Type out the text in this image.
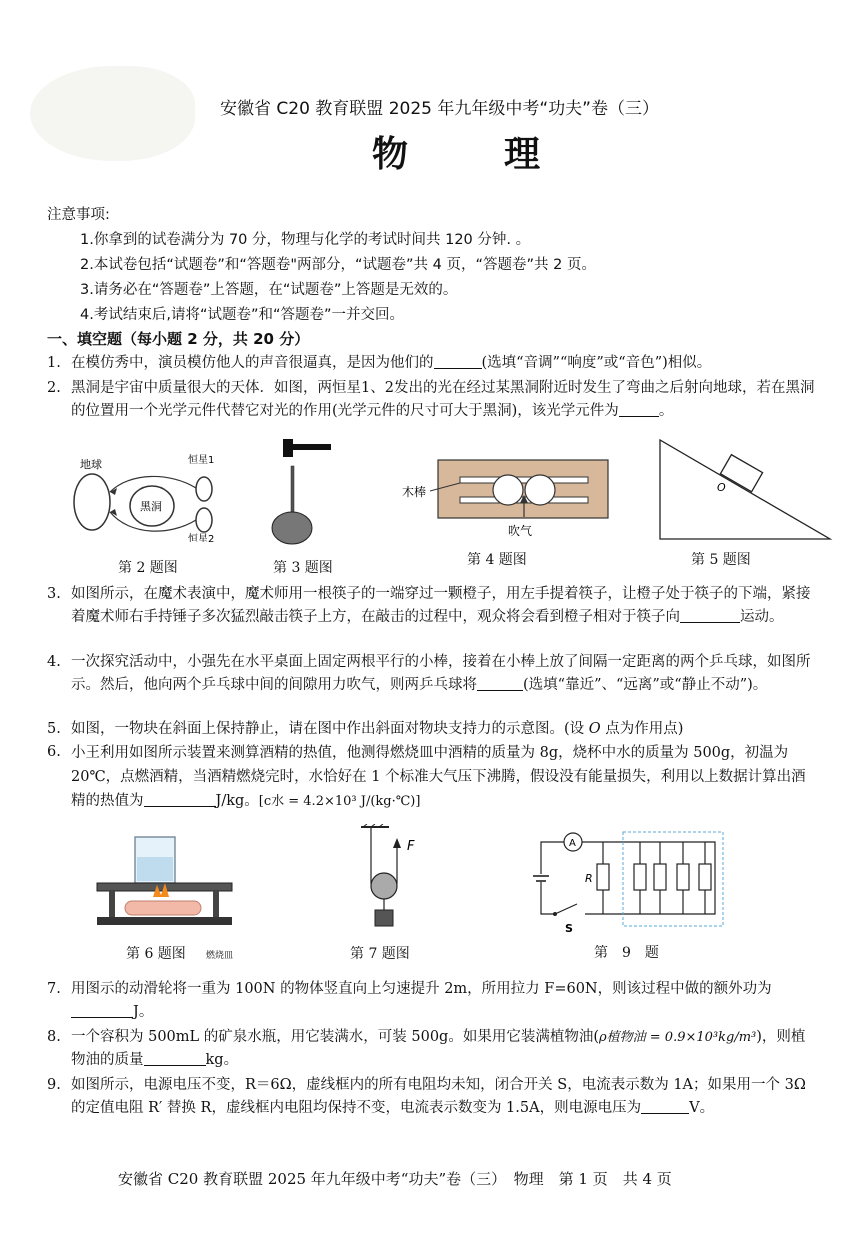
安徽省 C20 教育联盟 2025 年九年级中考“功夫”卷（三）
物　理
注意事项:
1.你拿到的试卷满分为 70 分，物理与化学的考试时间共 120 分钟. 。
2.本试卷包括“试题卷”和“答题卷"两部分，“试题卷”共 4 页，“答题卷”共 2 页。
3.请务必在“答题卷”上答题，在“试题卷”上答题是无效的。
4.考试结束后,请将“试题卷”和“答题卷”一并交回。
一、填空题（每小题 2 分，共 20 分）
1. 在模仿秀中，演员模仿他人的声音很逼真，是因为他们的	(选填“音调”“响度”或“音色”)相似。
2. 黑洞是宇宙中质量很大的天体．如图，两恒星1、2发出的光在经过某黑洞附近时发生了弯曲之后射向地球，若在黑洞的位置用一个光学元件代替它对光的作用(光学元件的尺寸可大于黑洞)，该光学元件为	。
地球
黑洞
恒星1
恒星2
第 2 题图	第 3 题图
木棒
吹气
第 4 题图
O
第 5 题图
3. 如图所示，在魔术表演中，魔术师用一根筷子的一端穿过一颗橙子，用左手提着筷子，让橙子处于筷子的下端，紧接着魔术师右手持锤子多次猛烈敲击筷子上方，在敲击的过程中，观众将会看到橙子相对于筷子向	运动。
4. 一次探究活动中，小强先在水平桌面上固定两根平行的小棒，接着在小棒上放了间隔一定距离的两个乒乓球，如图所示。然后，他向两个乒乓球中间的间隙用力吹气，则两乒乓球将	(选填“靠近”、“远离”或“静止不动”)。
5. 如图，一物块在斜面上保持静止，请在图中作出斜面对物块支持力的示意图。(设 O 点为作用点)
6. 小王利用如图所示装置来测算酒精的热值，他测得燃烧皿中酒精的质量为 8g，烧杯中水的质量为 500g，初温为 20℃，点燃酒精，当酒精燃烧完时，水恰好在 1 个标准大气压下沸腾，假设没有能量损失，利用以上数据计算出酒精的热值为	J/kg。[c水 = 4.2×10³ J/(kg·℃)]
第 6 题图 燃烧皿
F
第 7 题图
A
R
S
第　9　题
7. 用图示的动滑轮将一重为 100N 的物体竖直向上匀速提升 2m，所用拉力 F=60N，则该过程中做的额外功为J。
8. 一个容积为 500mL 的矿泉水瓶，用它装满水，可装 500g。如果用它装满植物油(ρ植物油 = 0.9×10³kg/m³)，则植物油的质量	kg。
9. 如图所示，电源电压不变，R＝6Ω，虚线框内的所有电阻均未知，闭合开关 S，电流表示数为 1A；如果用一个 3Ω的定值电阻 R′ 替换 R，虚线框内电阻均保持不变，电流表示数变为 1.5A，则电源电压为	V。
安徽省 C20 教育联盟 2025 年九年级中考“功夫”卷（三）　物理　第 1 页　共 4 页
